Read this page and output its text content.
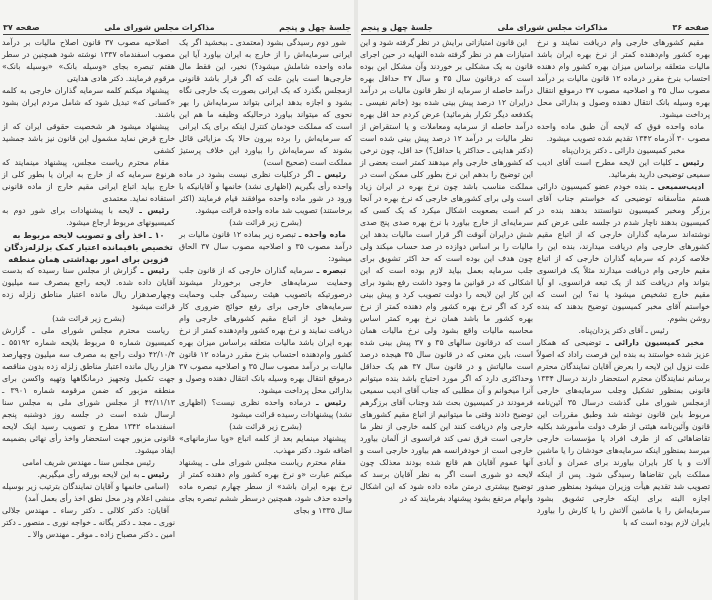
جلسهٔ چهل و پنجم
مذاکرات مجلس شورای ملی
صفحه ۳۷

شور دوم رسیدگی بشود (معتمدی ـ ببخشید اگر یک ایرانی سرمایه‌اش را از خارج به ایران بیاورد آیا این ماده واحده شاملش میشود؟) نخیر، این فقط مال خارجی‌ها است باین علت که اگر قرار باشد قانونی ازمجلس بگذرد که یک ایرانی بصورت یک خارجی نگاه بشود و اجازه بدهد ایرانی بتواند سرمایه‌اش را بهر نحوی که میتواند بیاورد درحالیکه وظیفه ما هم این است که مملکت خودمان کنترل اینکه برای یک ایرانی که سرمایه‌اش را برده بیرون حالا یک مزایائی قائل بشوند که سرمایه‌اش را بیاورد این خلاف پرستیژ مملکت است (صحیح است)

رئیس ـ اگر درکلیات نظری نیست بشود در ماده واحده رأی بگیریم (اظهاری نشد) خانمها و آقایانیکه با ورود در شور ماده واحده موافقند قیام فرمایند (اکثر برخاستند) تصویب شد ماده واحده قرائت میشود.

(بشرح زیر قرائت شد)

ماده واحده ـ تبصره زیر بماده ۱۲ قانون مالیات بر درآمد مصوب ۳۵ و اصلاحیه مصوب سال ۳۷ الحاق میشود:

تبصره ـ سرمایه گذاران خارجی که از قانون جلب وحمایت سرمایه‌های خارجی برخوردار میشوند درصورتیکه باتصویب هیئت رسیدگی جلب وحمایت سرمایه‌های خارجی برای رفع حوائج ضروری کار وشغل خود از اتباع مقیم کشورهای خارجی وام دریافت نمایند و نرخ بهره کشور وام‌دهنده کمتر از نرخ بهره ایران باشد مالیات متعلقه براساس میزان بهره کشور وام‌دهنده احتساب بنرخ مقرر درماده ۱۲ قانون مالیات بر درآمد مصوب سال ۳۵ و اصلاحیه مصوب ۳۷ درموقع انتقال بهره وسیله بانک انتقال دهنده وصول و بدارائی محل پرداخت میشود.

رئیس ـ درماده واحده نظری نیست؟ (اظهاری نشد) پیشنهادات رسیده قرائت میشود

(بشرح زیر قرائت شد)

پیشنهاد مینمایم بعد از کلمه اتباع «ویا سازمانهای» اضافه شود. دکتر مهذب.

مقام محترم ریاست مجلس شورای ملی ـ پیشنهاد میکنم عبارت «و نرخ بهره کشور وام دهنده کمتر از نرخ بهره ایران باشد» از سطر چهارم تبصره ماده واحده حذف شود، همچنین درسطر ششم تبصره بجای سال ۱۳۳۵ و بجای

اصلاحیه مصوب ۳۷ قانون اصلاح مالیات بر درآمد مصوب اسفندماه ۱۳۳۷ نوشته شود همچنین در سطر هفتم تبصره بجای «وسیله بانک» «بوسیله بانک» مرقوم فرمایند. دکتر هادی هدایتی

پیشنهاد میکنم کلمه سرمایه گذاران خارجی به کلمه «کسانی که» تبدیل شود که شامل مردم ایران بشود باشند.

پیشنهاد میشود هر شخصیت حقوقی ایران که از خارج قرض نماید مشمول این قانون نیز باشد جمشید کشفی

مقام محترم ریاست مجلس، پیشنهاد مینمایند که هرنوع سرمایه که از خارج به ایران یا بطور کلی از خارج بیاید اتباع ایرانی مقیم خارج از ماده قانونی استفاده نماید. معتمدی

رئیس ـ لایحه با پیشنهادات برای شور دوم به کمیسیونهای مربوط ارجاع میشود.

۱۰ ـ اخذ رأی و تصویب لایحه مربوط به تخصیص باقیمانده اعتبار کمک بزلزله‌زدگان قزوین برای امور بهداشتی همان منطقه

رئیس ـ گزارش از مجلس سنا رسیده که بدست آقایان داده شده. لایحه راجع بمصرف سه میلیون وچهارصدهزار ریال مانده اعتبار مناطق زلزله زده قرائت میشود

(بشرح زیر قرائت شد)

ریاست محترم مجلس شورای ملی ـ گزارش کمیسیون شماره ۵ مربوط بلایحه شماره ۵۵۱۹۲ ـ ۴۲/۱۰/۴ دولت راجع به مصرف سه میلیون وچهارصد هزار ریال مانده اعتبار مناطق زلزله زده بدون مناقصه جهت تکمیل وتجهیز درمانگاهها وتهیه واکسن برای منطقه مزبور که ضمن مرقومه شماره ۳۹۰۱ ـ ۴۲/۱۱/۱۳ از مجلس شورای ملی به مجلس سنا ارسال شده است در جلسه روز دوشنبه پنجم اسفندماه ۱۳۴۲ مطرح و تصویب رسید اینک لایحه قانونی مزبور جهت استحضار واخذ رأی نهائی بضمیمه ایفاد میشود.

رئیس مجلس سنا ـ مهندس شریف امامی

رئیس ـ به این لایحه بورقه رأی میگیریم.

(اسامی خانمها و آقایان نمایندگان بترتیب زیر بوسیله منشی اعلام ودر محل نطق اخذ رأی بعمل آمد)

آقایان: دکتر کلالی ـ دکتر رساء ـ مهندس جلالی نوری ـ مجد ـ دکتر یگانه ـ خواجه نوری ـ منصور ـ دکتر امین ـ دکتر مصباح زاده ـ موقر ـ مهندس والا ـ

صفحه ۳۶
مذاکرات مجلس شورای ملی
جلسهٔ چهل و پنجم

مقیم کشورهای خارجی وام دریافت نمایند و نرخ بهره کشور وام‌دهنده کمتر از نرخ بهره ایران باشد مالیات متعلقه براساس میزان بهره کشور وام دهنده احتساب بنرخ مقرر درماده ۱۲ قانون مالیات بر درآمد مصوب سال ۳۵ و اصلاحیه مصوب ۳۷ درموقع انتقال بهره وسیله بانک انتقال دهنده وصول و بدارائی محل پرداخت میشود.

ماده واحده فوق که لایحه آن طبق ماده واحده مصوب ۳۰ آذرماه ۱۳۴۲ تقدیم شده تصویب میشود.

مخبر کمیسیون دارائی ـ دکتر یزدان‌پناه

رئیس ـ کلیات این لایحه مطرح است آقای ادیب سمیعی توضیحی دارید بفرمائید.

ادیب‌سمیعی ـ بنده خودم عضو کمیسیون دارائی هستم متأسفانه توضیحی که خواستم جناب آقای برزگر ومخبر کمیسیون نتوانستند بدهند بنده در کمیسیون بدهند ناچار شدم در جلسه علنی عرض کنم نوشته‌اند سرمایه گذاران خارجی که از اتباع مقیم کشورهای خارجی وام دریافت میدارند، بنده این را خلاصه کردم که سرمایه گذاران خارجی که از اتباع مقیم خارجی وام دریافت میدارند مثلاً یک فرانسوی بتواند وام دریافت کند از یک تبعه فرانسوی، او آیا مقیم خارج تشخیص میشود یا نه؟ این است که خواستم آقای مخبر کمیسیون توضیح بدهند که بنده روشن بشوم.

رئیس ـ آقای دکتر یزدان‌پناه.

مخبر کمیسیون دارائی ـ توضیحی که همکار عزیز شده خواستند به بنده این فرصت راداد که اصولاً علت نزول این لایحه را بعرض آقایان نمایندگان محترم برسانم نمایندگان محترم استحضار دارند درسال ۱۳۳۴ قانونی بمنظور تشکیل وجلب سرمایه‌های خارجی ازمجلس شورای ملی گذشت درسال ۳۵ آئین‌نامه مربوط باین قانون نوشته شد وطبق مقررات این قانون وآئین‌نامه هیئتی از طرف دولت مأمورشد بکلیه تقاضاهائی که از طرف افراد یا مؤسسات خارجی میرسد بمنظور اینکه سرمایه‌های خودشان را یا ماشین آلات و یا کار بایران بیاورند برای عمران و آبادی مملکت باین تقاضاها رسیدگی شود. پس از اینکه تصویب شد تقدیم هیأت وزیران میشود بمنظور صدور اجازه البته برای اینکه خارجی تشویق بشود سرمایه‌اش را یا ماشین آلاتش را یا کارش را بیاورد بایران لازم بوده است که با

این قانون امتیازاتی برایش در نظر گرفته شود و این امتیازات هم در نظر گرفته شده النهایه در حین اجرای قانون به یک مشکلی بر خوردند وآن مشکل این بوده است که درقانون سال ۳۵ و سال ۳۷ حداقل بهره درآمد حاصله از سرمایه از نظر قانون مالیات بر درآمد درایران ۱۲ درصد پیش بینی شده بود (خانم نفیسی ـ یکدفعه دیگر تکرار بفرمائید) عرض کردم حد اقل بهره درآمد حاصله از سرمایه ومعاملات و یا استقراض از نظر مالیات بر درآمد ۱۲ درصد پیش بینی شده است (دکتر هدایتی ـ حداکثر یا حداقل؟) حد اقل، چون نرخی که کشورهای خارجی وام میدهند کمتر است بعضی از این توضیح را بدهم این نرخ بطور کلی ممکن است در مملکت مناسب باشد چون نرخ بهره در ایران زیاد است ولی برای کشورهای خارجی که نرخ بهره در آنجا کم است بصعوبت اشکال میکرد که یک کسی که سرمایه‌ای از خارج بیاورد با نرخ بهره صدی پنج صدی شش درایران آنوقت اگر قرار است مالیات بدهد این مالیات را بر اساس دوازده در صد حساب میکند ولی چون هدف این بوده است که حد اکثر تشویق برای جلب سرمایه بعمل بیاید لازم بوده است که این اشکالی که در قوانین ما وجود داشت رفع بشود برای این کار این لایحه را دولت تصویب کرد و پیش بینی کرد که اگر نرخ بهره کشور وام دهنده کمتر از نرخ بهره کشور ما باشد همان نرخ بهره کمتر اساس محاسبه مالیات واقع بشود ولی نرخ مالیات همان است که درقانون سالهای ۳۵ و ۳۷ پیش بینی شده است، باین معنی که در قانون سال ۳۵ هیجده درصد است مالیاتش و در قانون سال ۳۷ هم یک حداقل وحداکثری دارد که اگر مورد احتیاج باشد بنده میتوانم آنرا میخوانم و آن مطلبی که جناب آقای ادیب سمیعی فرمودند در کمیسیون بحث شد وجناب آقای برزگرهم توضیح دادند وقتی ما میتوانیم از اتباع مقیم کشورهای خارجی وام دریافت کنند این کلمه خارجی از نظر ما خارجی است فرق نمی کند فرانسوی از آلمان بیاورد خارجی است از خودفرانسه هم بیاورد خارجی است و آنها عموم آقایان هم قانع شده بودند معذلک چون لایحه دو شوری است اگر به نظر آقایان برسد که توضیح بیشتری درمتن ماده داده شود که این اشکال وابهام مرتفع بشود پیشنهاد بفرمایند که در
